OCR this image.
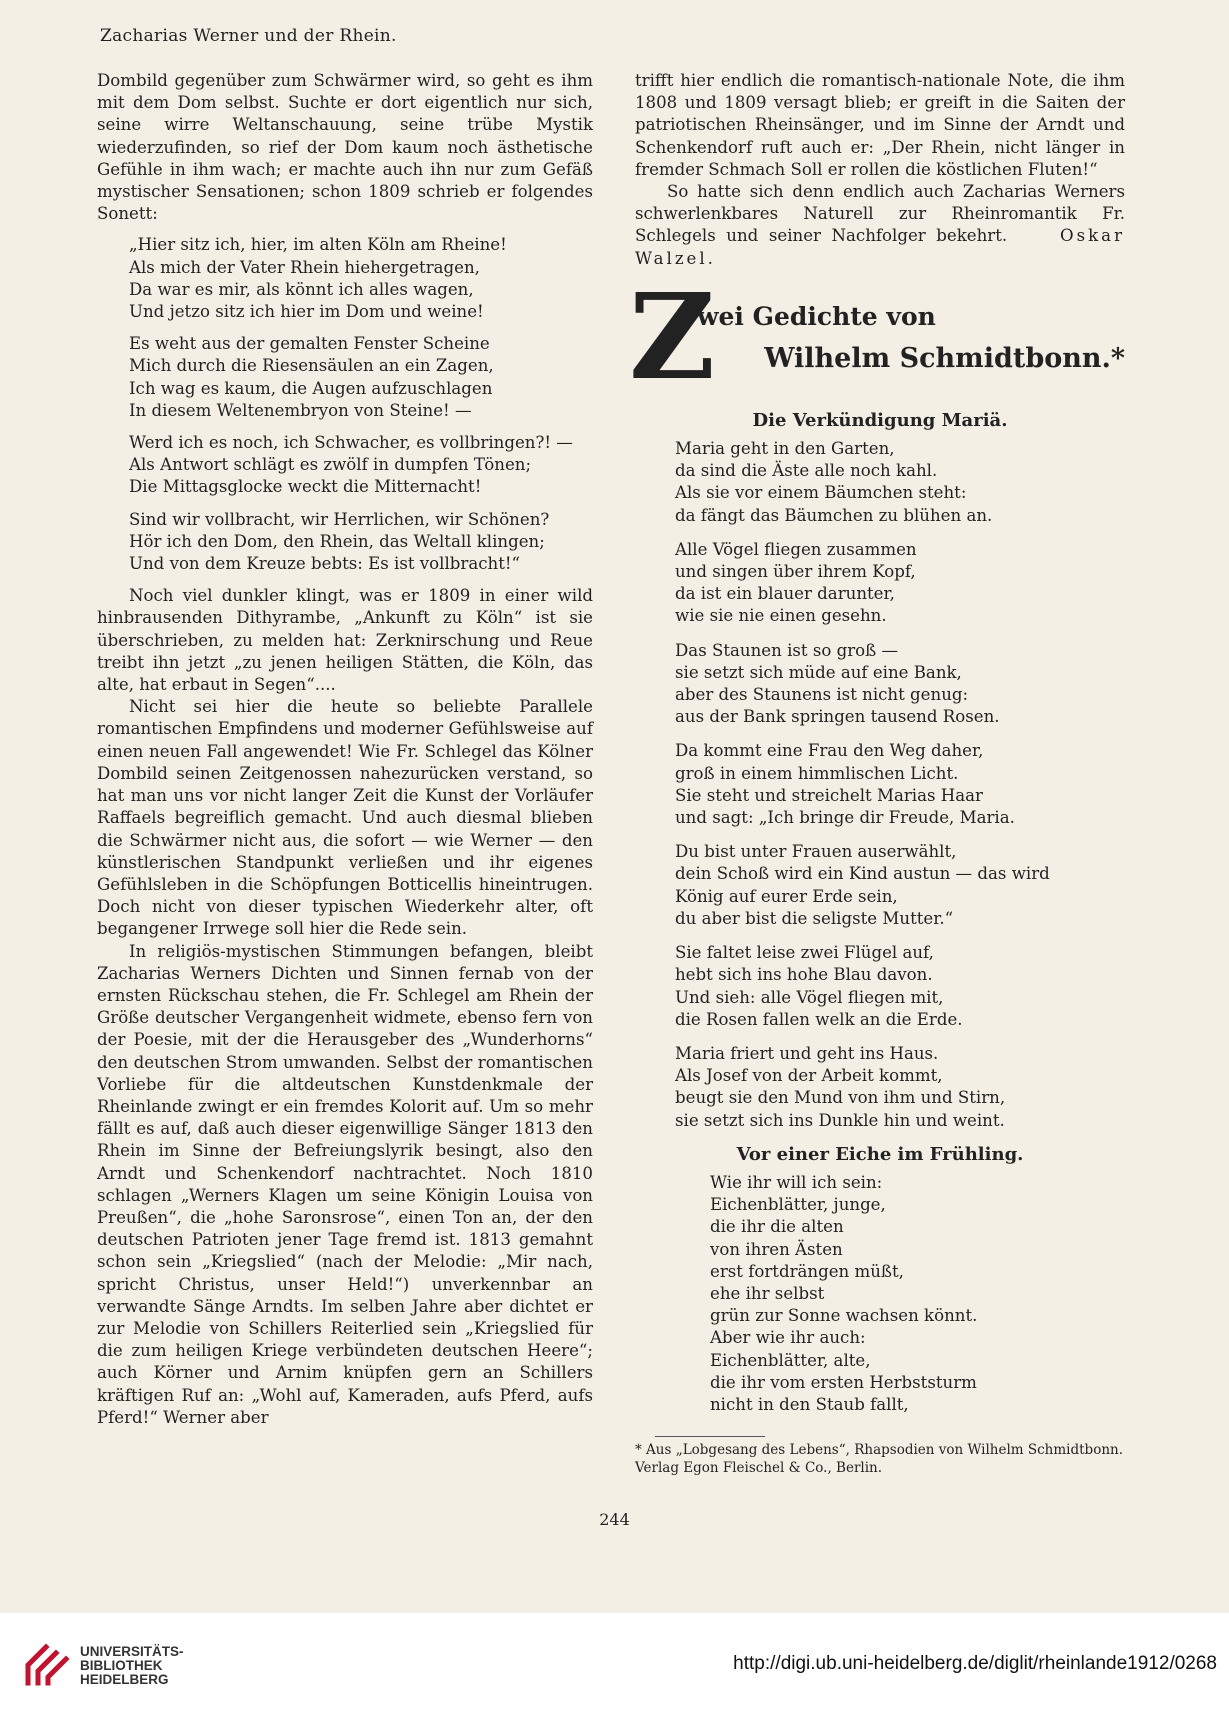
Zacharias Werner und der Rhein.

Dombild gegenüber zum Schwärmer wird, so geht es ihm mit dem Dom selbst. Suchte er dort eigentlich nur sich, seine wirre Weltanschauung, seine trübe Mystik wiederzufinden, so rief der Dom kaum noch ästhetische Gefühle in ihm wach; er machte auch ihn nur zum Gefäß mystischer Sensationen; schon 1809 schrieb er folgendes Sonett:

„Hier sitz ich, hier, im alten Köln am Rheine!
Als mich der Vater Rhein hiehergetragen,
Da war es mir, als könnt ich alles wagen,
Und jetzo sitz ich hier im Dom und weine!
Es weht aus der gemalten Fenster Scheine
Mich durch die Riesensäulen an ein Zagen,
Ich wag es kaum, die Augen aufzuschlagen
In diesem Weltenembryon von Steine! —
Werd ich es noch, ich Schwacher, es vollbringen?! —
Als Antwort schlägt es zwölf in dumpfen Tönen;
Die Mittagsglocke weckt die Mitternacht!
Sind wir vollbracht, wir Herrlichen, wir Schönen?
Hör ich den Dom, den Rhein, das Weltall klingen;
Und von dem Kreuze bebts: Es ist vollbracht!“

Noch viel dunkler klingt, was er 1809 in einer wild hinbrausenden Dithyrambe, „Ankunft zu Köln“ ist sie überschrieben, zu melden hat: Zerknirschung und Reue treibt ihn jetzt „zu jenen heiligen Stätten, die Köln, das alte, hat erbaut in Segen“....

Nicht sei hier die heute so beliebte Parallele romantischen Empfindens und moderner Gefühlsweise auf einen neuen Fall angewendet! Wie Fr. Schlegel das Kölner Dombild seinen Zeitgenossen nahezurücken verstand, so hat man uns vor nicht langer Zeit die Kunst der Vorläufer Raffaels begreiflich gemacht. Und auch diesmal blieben die Schwärmer nicht aus, die sofort — wie Werner — den künstlerischen Standpunkt verließen und ihr eigenes Gefühlsleben in die Schöpfungen Botticellis hineintrugen. Doch nicht von dieser typischen Wiederkehr alter, oft begangener Irrwege soll hier die Rede sein.

In religiös-mystischen Stimmungen befangen, bleibt Zacharias Werners Dichten und Sinnen fernab von der ernsten Rückschau stehen, die Fr. Schlegel am Rhein der Größe deutscher Vergangenheit widmete, ebenso fern von der Poesie, mit der die Herausgeber des „Wunderhorns“ den deutschen Strom umwanden. Selbst der romantischen Vorliebe für die altdeutschen Kunstdenkmale der Rheinlande zwingt er ein fremdes Kolorit auf. Um so mehr fällt es auf, daß auch dieser eigenwillige Sänger 1813 den Rhein im Sinne der Befreiungslyrik besingt, also den Arndt und Schenkendorf nachtrachtet. Noch 1810 schlagen „Werners Klagen um seine Königin Louisa von Preußen“, die „hohe Saronsrose“, einen Ton an, der den deutschen Patrioten jener Tage fremd ist. 1813 gemahnt schon sein „Kriegslied“ (nach der Melodie: „Mir nach, spricht Christus, unser Held!“) unverkennbar an verwandte Sänge Arndts. Im selben Jahre aber dichtet er zur Melodie von Schillers Reiterlied sein „Kriegslied für die zum heiligen Kriege verbündeten deutschen Heere“; auch Körner und Arnim knüpfen gern an Schillers kräftigen Ruf an: „Wohl auf, Kameraden, aufs Pferd, aufs Pferd!“ Werner aber

trifft hier endlich die romantisch-nationale Note, die ihm 1808 und 1809 versagt blieb; er greift in die Saiten der patriotischen Rheinsänger, und im Sinne der Arndt und Schenkendorf ruft auch er: „Der Rhein, nicht länger in fremder Schmach Soll er rollen die köstlichen Fluten!“

So hatte sich denn endlich auch Zacharias Werners schwerlenkbares Naturell zur Rheinromantik Fr. Schlegels und seiner Nachfolger bekehrt.	Oskar Walzel.

Z
wei Gedichte von
Wilhelm Schmidtbonn.*
Die Verkündigung Mariä.
Maria geht in den Garten,
da sind die Äste alle noch kahl.
Als sie vor einem Bäumchen steht:
da fängt das Bäumchen zu blühen an.
Alle Vögel fliegen zusammen
und singen über ihrem Kopf,
da ist ein blauer darunter,
wie sie nie einen gesehn.
Das Staunen ist so groß —
sie setzt sich müde auf eine Bank,
aber des Staunens ist nicht genug:
aus der Bank springen tausend Rosen.
Da kommt eine Frau den Weg daher,
groß in einem himmlischen Licht.
Sie steht und streichelt Marias Haar
und sagt: „Ich bringe dir Freude, Maria.
Du bist unter Frauen auserwählt,
dein Schoß wird ein Kind austun — das wird
König auf eurer Erde sein,
du aber bist die seligste Mutter.“
Sie faltet leise zwei Flügel auf,
hebt sich ins hohe Blau davon.
Und sieh: alle Vögel fliegen mit,
die Rosen fallen welk an die Erde.
Maria friert und geht ins Haus.
Als Josef von der Arbeit kommt,
beugt sie den Mund von ihm und Stirn,
sie setzt sich ins Dunkle hin und weint.
Vor einer Eiche im Frühling.
Wie ihr will ich sein:
Eichenblätter, junge,
die ihr die alten
von ihren Ästen
erst fortdrängen müßt,
ehe ihr selbst
grün zur Sonne wachsen könnt.
Aber wie ihr auch:
Eichenblätter, alte,
die ihr vom ersten Herbststurm
nicht in den Staub fallt,
* Aus „Lobgesang des Lebens“, Rhapsodien von Wilhelm Schmidtbonn. Verlag Egon Fleischel & Co., Berlin.
244
UNIVERSITÄTS-
BIBLIOTHEK
HEIDELBERG
http://digi.ub.uni-heidelberg.de/diglit/rheinlande1912/0268
